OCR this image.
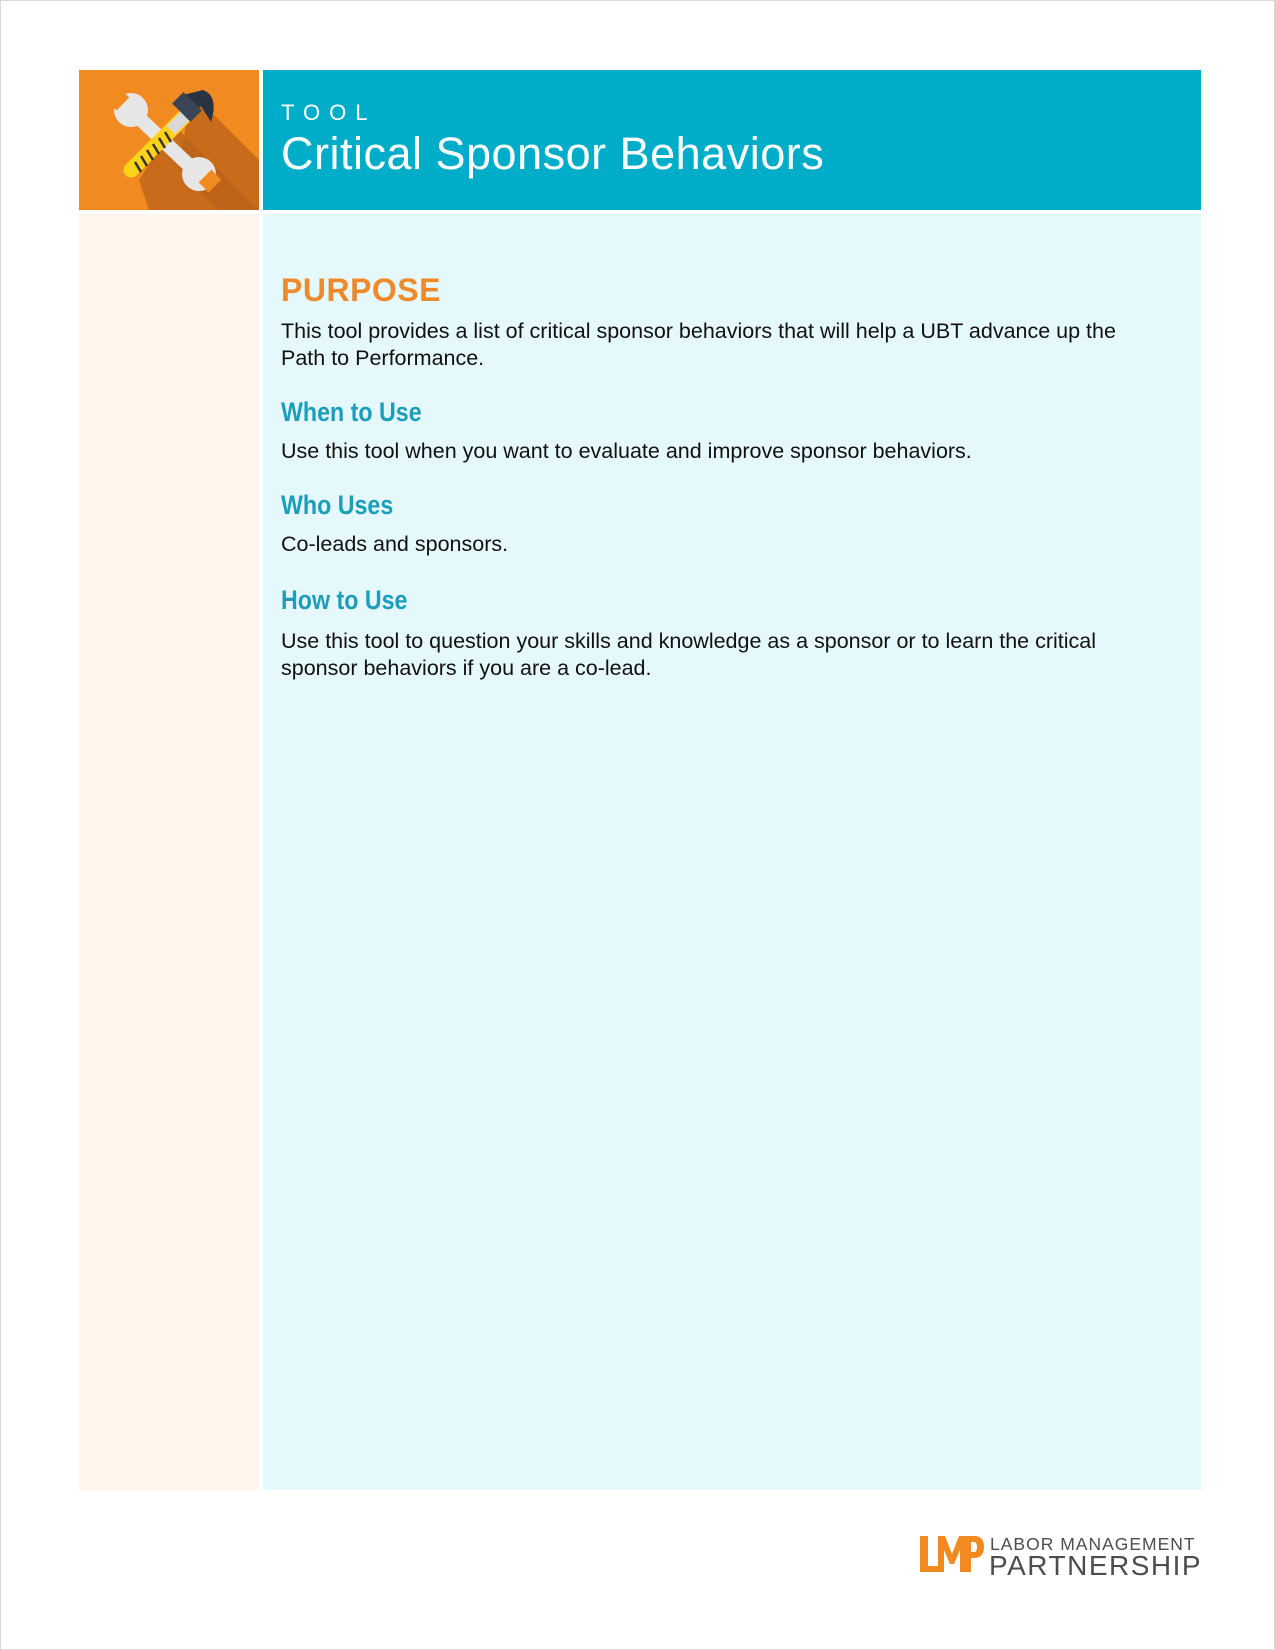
TOOL
Critical Sponsor Behaviors
PURPOSE
This tool provides a list of critical sponsor behaviors that will help a UBT advance up the Path to Performance.
When to Use
Use this tool when you want to evaluate and improve sponsor behaviors.
Who Uses
Co-leads and sponsors.
How to Use
Use this tool to question your skills and knowledge as a sponsor or to learn the critical sponsor behaviors if you are a co-lead.
LMP	LABOR MANAGEMENT
PARTNERSHIP
